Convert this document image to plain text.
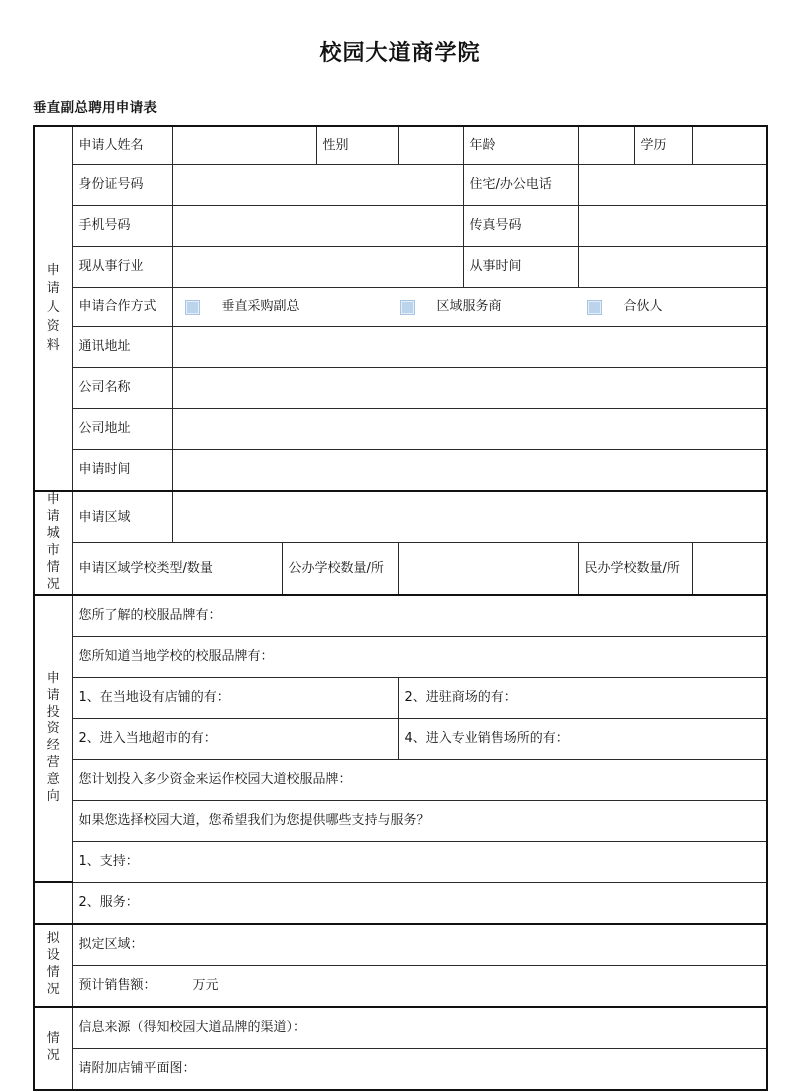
校园大道商学院
垂直副总聘用申请表
申请人资料	申请人姓名			性别		年龄		学历	
	身份证号码					住宅/办公电话			
	手机号码					传真号码			
	现从事行业					从事时间			
	申请合作方式	垂直采购副总 区域服务商 合伙人							

	通讯地址								
	公司名称								
	公司地址								
	申请时间								

申请
城市
情况	申请区域								
	申请区域学校类型/数量		公办学校数量/所				民办学校数量/所		

申请
投资
经营
意向	您所了解的校服品牌有：								
	您所知道当地学校的校服品牌有：								
	1、在当地设有店铺的有：				2、进驻商场的有：				
	2、进入当地超市的有：				4、进入专业销售场所的有：				
	您计划投入多少资金来运作校园大道校服品牌：								
	如果您选择校园大道，您希望我们为您提供哪些支持与服务？								
	1、支持：								
	2、服务：								

拟设
情况	拟定区域：								
	预计销售额： 万元								

情况	信息来源（得知校园大道品牌的渠道）：								
	请附加店铺平面图：								
